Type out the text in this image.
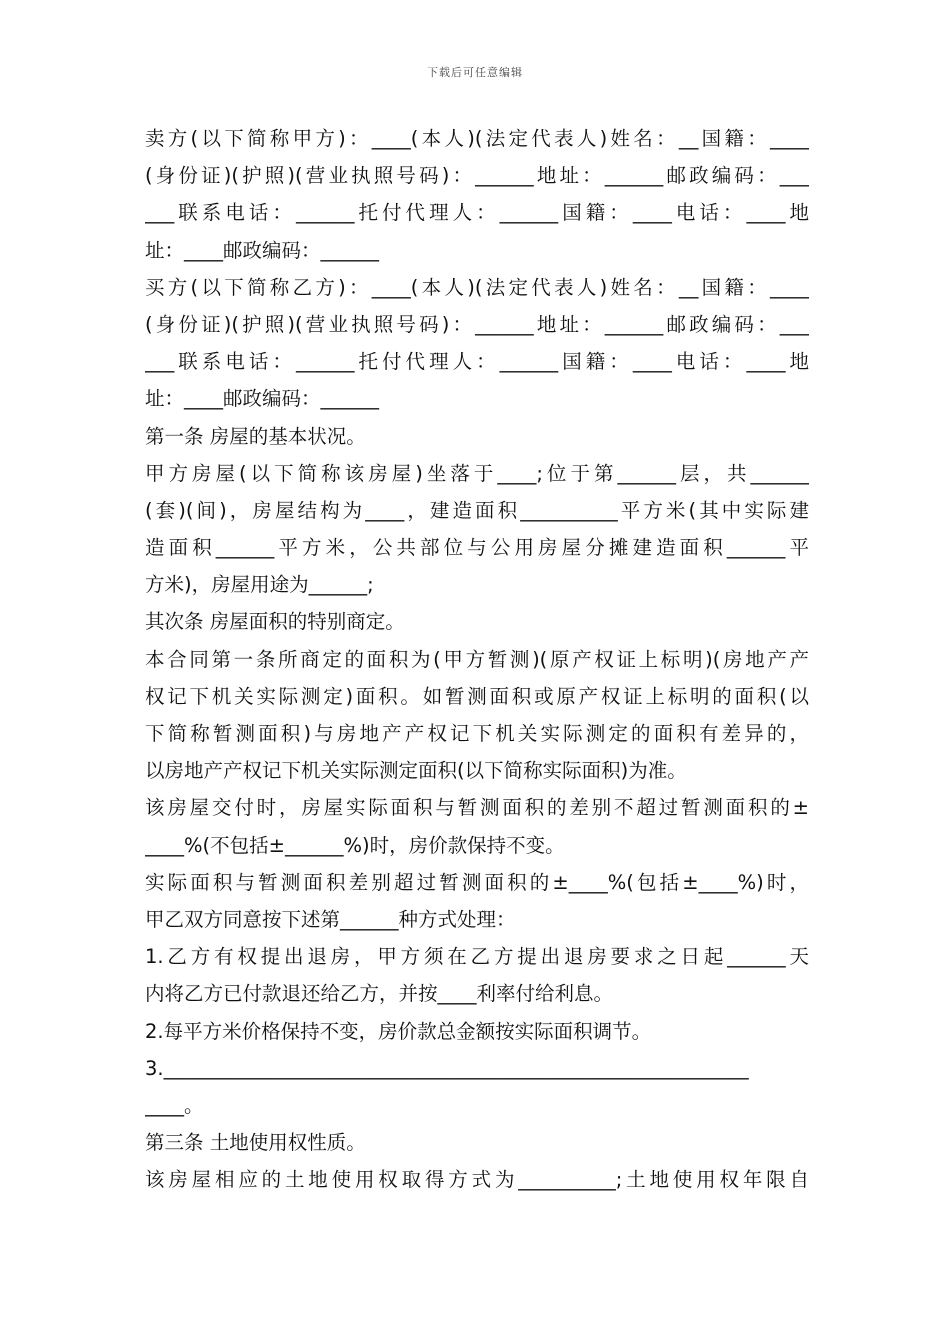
下载后可任意编辑
卖方(以下简称甲方)：____(本人)(法定代表人)姓名：__国籍：____
(身份证)(护照)(营业执照号码)：______地址：______邮政编码：___
___联系电话：______托付代理人：______国籍：____电话：____地
址：____邮政编码：______
买方(以下简称乙方)：____(本人)(法定代表人)姓名：__国籍：____
(身份证)(护照)(营业执照号码)：______地址：______邮政编码：___
___联系电话：______托付代理人：______国籍：____电话：____地
址：____邮政编码：______
第一条 房屋的基本状况。
甲方房屋(以下简称该房屋)坐落于____;位于第______层，共______
(套)(间)，房屋结构为____，建造面积__________平方米(其中实际建
造面积______平方米，公共部位与公用房屋分摊建造面积______平
方米)，房屋用途为______;
其次条 房屋面积的特别商定。
本合同第一条所商定的面积为(甲方暂测)(原产权证上标明)(房地产产
权记下机关实际测定)面积。如暂测面积或原产权证上标明的面积(以
下简称暂测面积)与房地产产权记下机关实际测定的面积有差异的，
以房地产产权记下机关实际测定面积(以下简称实际面积)为准。
该房屋交付时，房屋实际面积与暂测面积的差别不超过暂测面积的±
____%(不包括±______%)时，房价款保持不变。
实际面积与暂测面积差别超过暂测面积的±____%(包括±____%)时，
甲乙双方同意按下述第______种方式处理：
1.乙方有权提出退房，甲方须在乙方提出退房要求之日起______天
内将乙方已付款退还给乙方，并按____利率付给利息。
2.每平方米价格保持不变，房价款总金额按实际面积调节。
3.____________________________________________________________
____。
第三条 土地使用权性质。
该房屋相应的土地使用权取得方式为__________;土地使用权年限自
